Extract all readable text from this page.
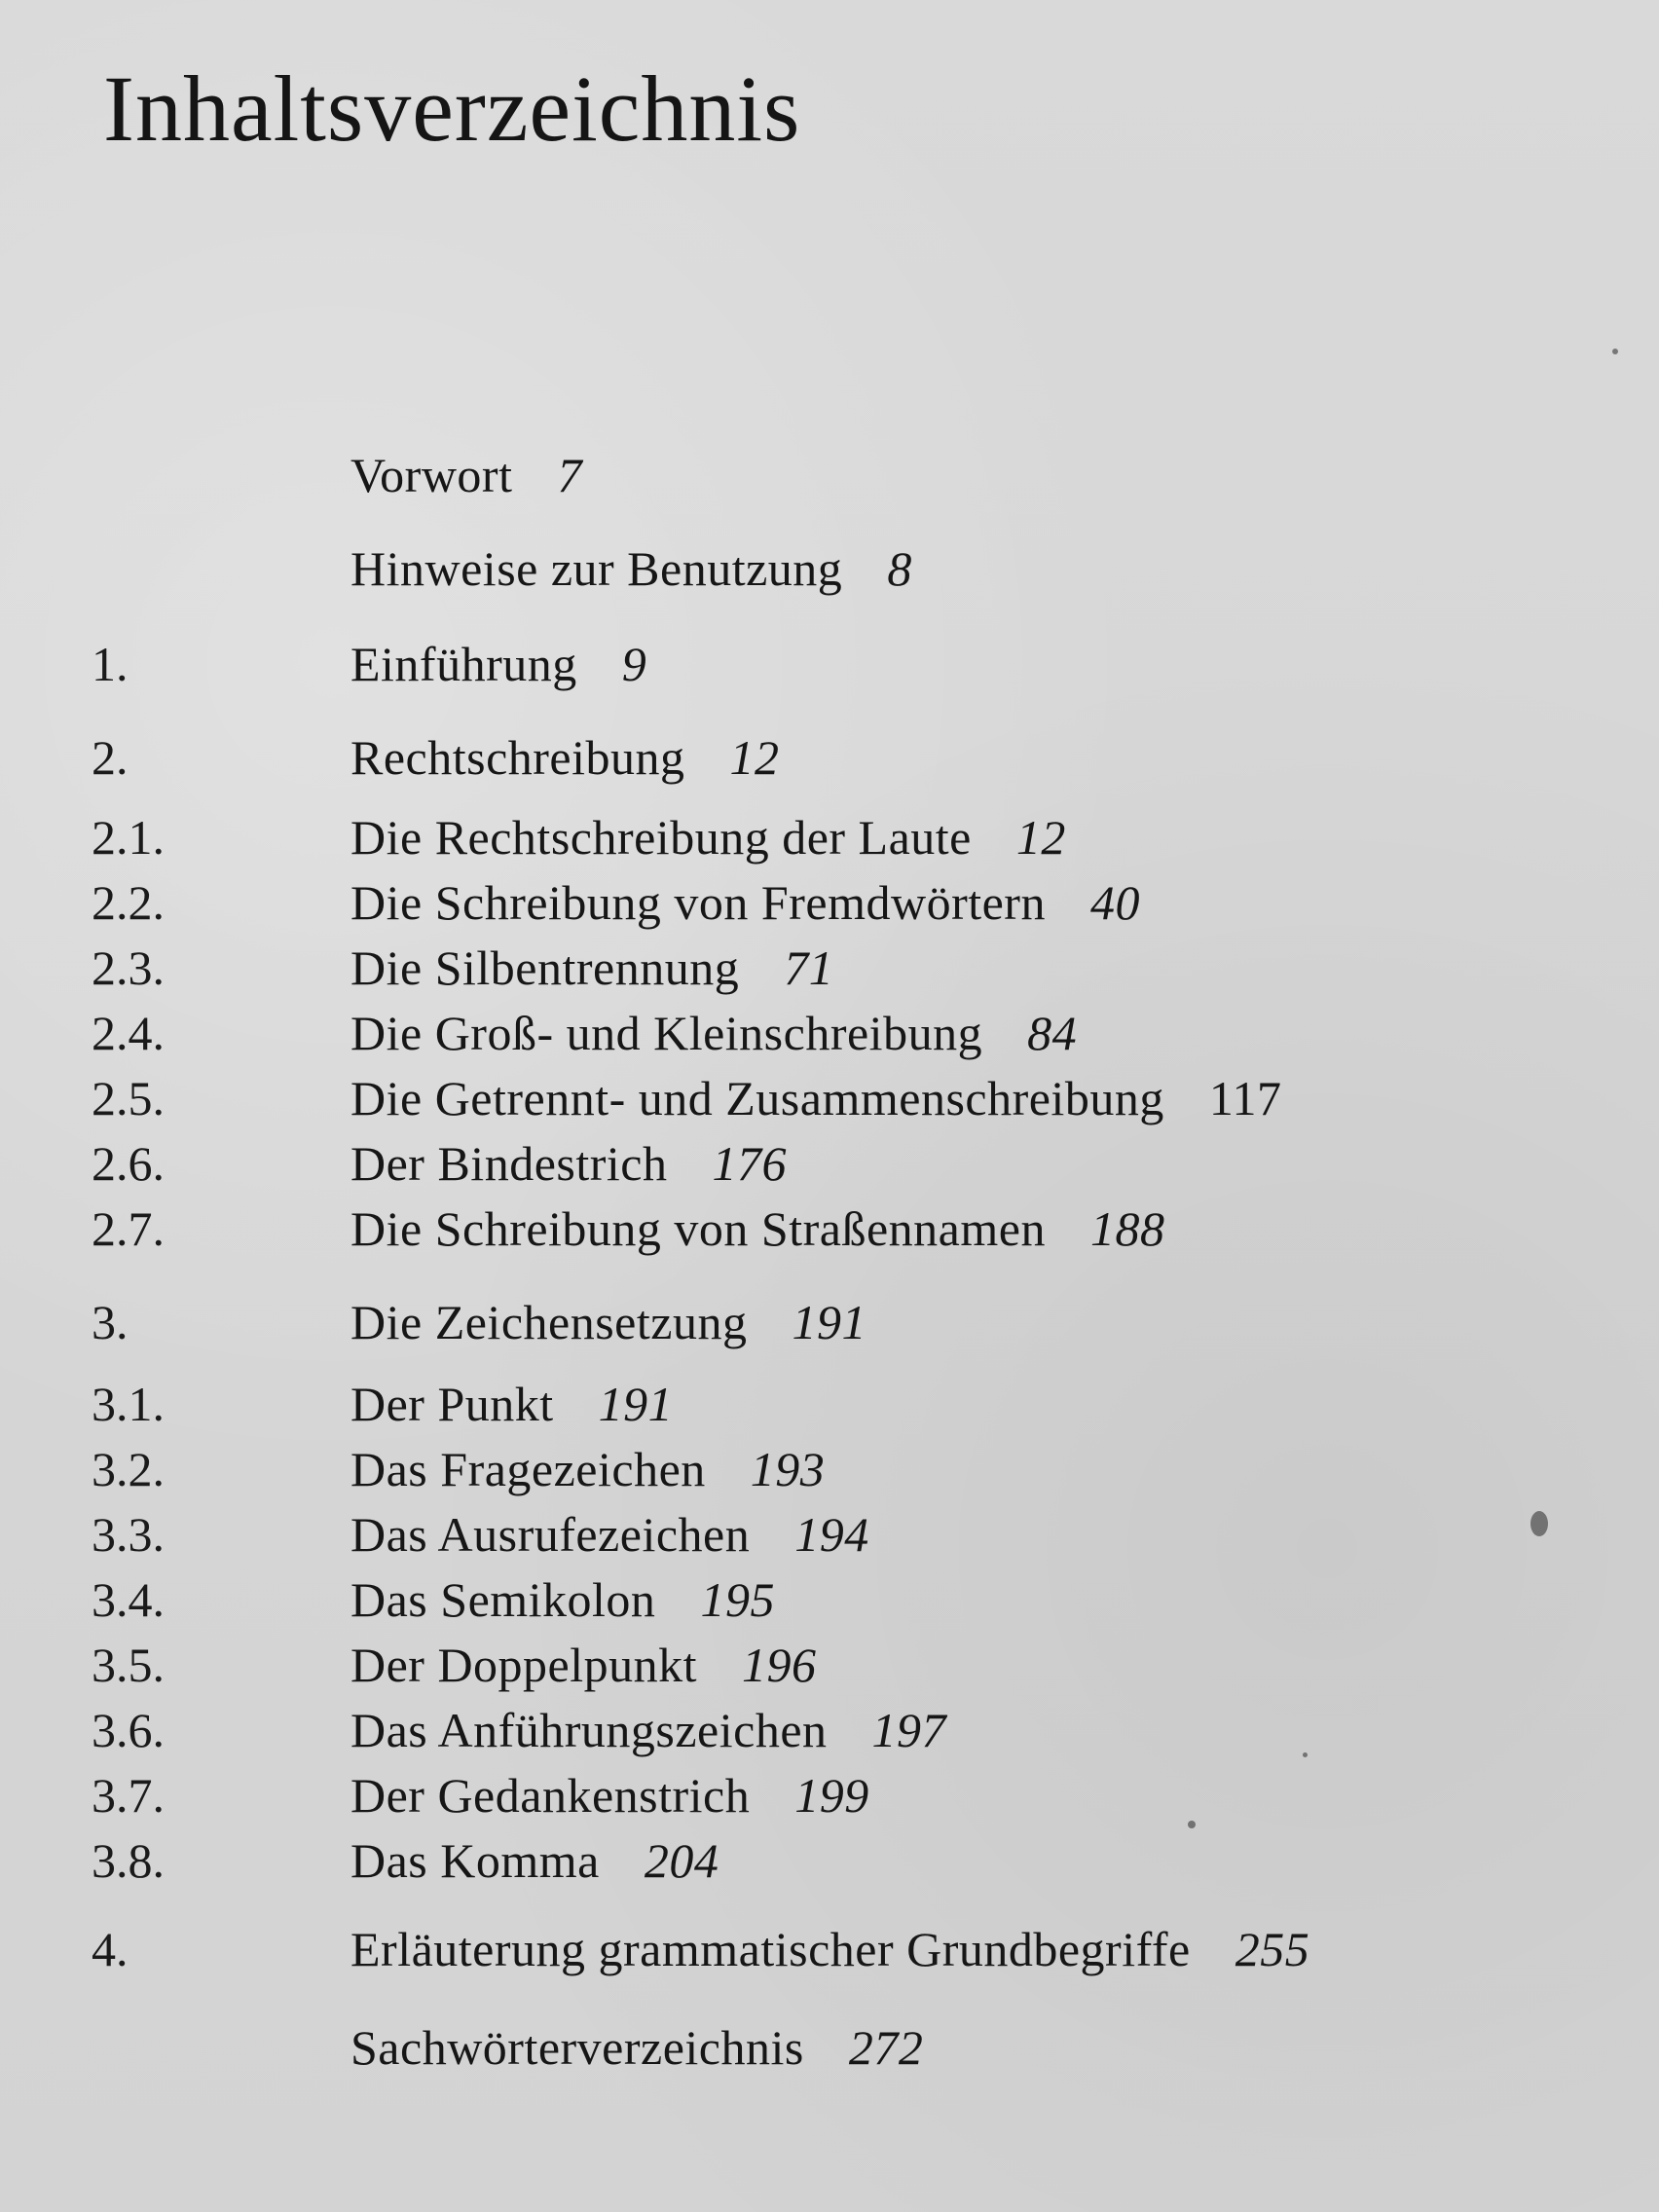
Inhaltsverzeichnis
Vorwort 7
Hinweise zur Benutzung 8
1.	Einführung 9
2.	Rechtschreibung 12
2.1.	Die Rechtschreibung der Laute 12
2.2.	Die Schreibung von Fremdwörtern 40
2.3.	Die Silbentrennung 71
2.4.	Die Groß- und Kleinschreibung 84
2.5.	Die Getrennt- und Zusammenschreibung 117
2.6.	Der Bindestrich 176
2.7.	Die Schreibung von Straßennamen 188
3.	Die Zeichensetzung 191
3.1.	Der Punkt 191
3.2.	Das Fragezeichen 193
3.3.	Das Ausrufezeichen 194
3.4.	Das Semikolon 195
3.5.	Der Doppelpunkt 196
3.6.	Das Anführungszeichen 197
3.7.	Der Gedankenstrich 199
3.8.	Das Komma 204
4.	Erläuterung grammatischer Grundbegriffe 255
Sachwörterverzeichnis 272
